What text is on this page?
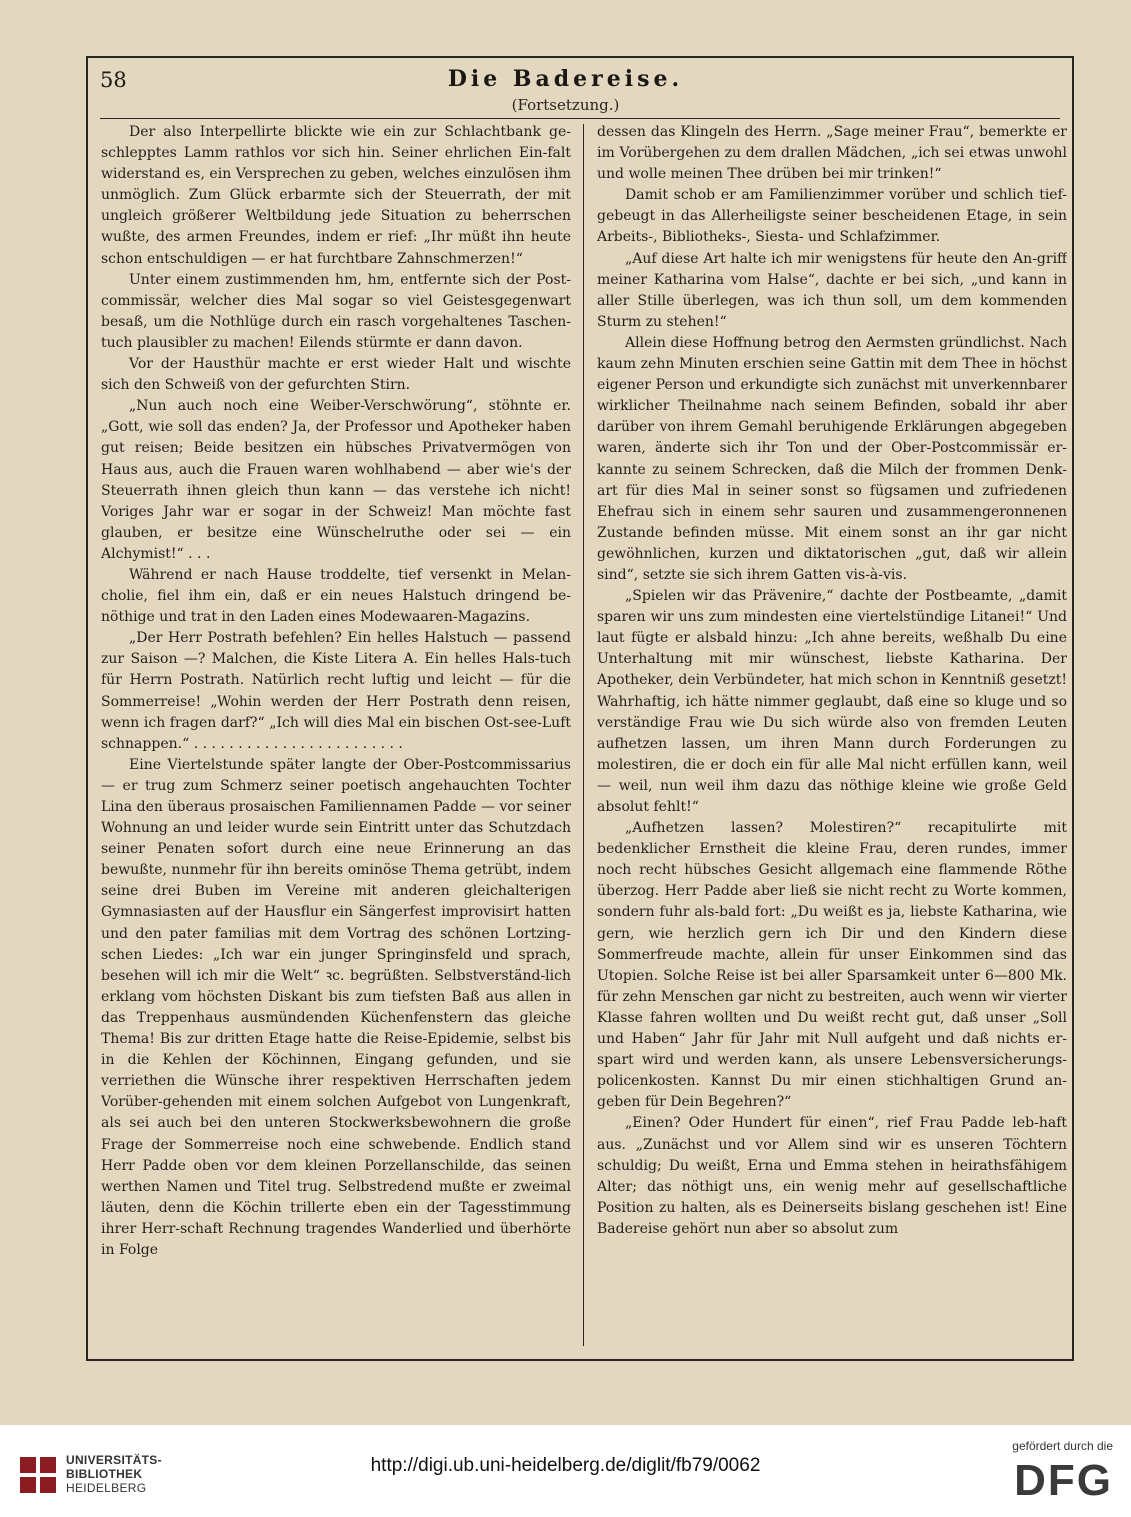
58	Die Badereise.
(Fortsetzung.)

Der also Interpellirte blickte wie ein zur Schlachtbank ge-schlepptes Lamm rathlos vor sich hin. Seiner ehrlichen Ein-falt widerstand es, ein Versprechen zu geben, welches einzulösen ihm unmöglich. Zum Glück erbarmte sich der Steuerrath, der mit ungleich größerer Weltbildung jede Situation zu beherrschen wußte, des armen Freundes, indem er rief: „Ihr müßt ihn heute schon entschuldigen — er hat furchtbare Zahnschmerzen!“

Unter einem zustimmenden hm, hm, entfernte sich der Post-commissär, welcher dies Mal sogar so viel Geistesgegenwart besaß, um die Nothlüge durch ein rasch vorgehaltenes Taschen-tuch plausibler zu machen! Eilends stürmte er dann davon.

Vor der Hausthür machte er erst wieder Halt und wischte sich den Schweiß von der gefurchten Stirn.

„Nun auch noch eine Weiber-Verschwörung“, stöhnte er. „Gott, wie soll das enden? Ja, der Professor und Apotheker haben gut reisen; Beide besitzen ein hübsches Privatvermögen von Haus aus, auch die Frauen waren wohlhabend — aber wie's der Steuerrath ihnen gleich thun kann — das verstehe ich nicht! Voriges Jahr war er sogar in der Schweiz! Man möchte fast glauben, er besitze eine Wünschelruthe oder sei — ein Alchymist!“ . . .

Während er nach Hause troddelte, tief versenkt in Melan-cholie, fiel ihm ein, daß er ein neues Halstuch dringend be-nöthige und trat in den Laden eines Modewaaren-Magazins.

„Der Herr Postrath befehlen? Ein helles Halstuch — passend zur Saison —? Malchen, die Kiste Litera A. Ein helles Hals-tuch für Herrn Postrath. Natürlich recht luftig und leicht — für die Sommerreise! „Wohin werden der Herr Postrath denn reisen, wenn ich fragen darf?“ „Ich will dies Mal ein bischen Ost-see-Luft schnappen.“ . . . . . . . . . . . . . . . . . . . . . . . .

Eine Viertelstunde später langte der Ober-Postcommissarius — er trug zum Schmerz seiner poetisch angehauchten Tochter Lina den überaus prosaischen Familiennamen Padde — vor seiner Wohnung an und leider wurde sein Eintritt unter das Schutzdach seiner Penaten sofort durch eine neue Erinnerung an das bewußte, nunmehr für ihn bereits ominöse Thema getrübt, indem seine drei Buben im Vereine mit anderen gleichalterigen Gymnasiasten auf der Hausflur ein Sängerfest improvisirt hatten und den pater familias mit dem Vortrag des schönen Lortzing-schen Liedes: „Ich war ein junger Springinsfeld und sprach, besehen will ich mir die Welt“ ꝛc. begrüßten. Selbstverständ-lich erklang vom höchsten Diskant bis zum tiefsten Baß aus allen in das Treppenhaus ausmündenden Küchenfenstern das gleiche Thema! Bis zur dritten Etage hatte die Reise-Epidemie, selbst bis in die Kehlen der Köchinnen, Eingang gefunden, und sie verriethen die Wünsche ihrer respektiven Herrschaften jedem Vorüber-gehenden mit einem solchen Aufgebot von Lungenkraft, als sei auch bei den unteren Stockwerksbewohnern die große Frage der Sommerreise noch eine schwebende. Endlich stand Herr Padde oben vor dem kleinen Porzellanschilde, das seinen werthen Namen und Titel trug. Selbstredend mußte er zweimal läuten, denn die Köchin trillerte eben ein der Tagesstimmung ihrer Herr-schaft Rechnung tragendes Wanderlied und überhörte in Folge

dessen das Klingeln des Herrn. „Sage meiner Frau“, bemerkte er im Vorübergehen zu dem drallen Mädchen, „ich sei etwas unwohl und wolle meinen Thee drüben bei mir trinken!“

Damit schob er am Familienzimmer vorüber und schlich tief-gebeugt in das Allerheiligste seiner bescheidenen Etage, in sein Arbeits-, Bibliotheks-, Siesta- und Schlafzimmer.

„Auf diese Art halte ich mir wenigstens für heute den An-griff meiner Katharina vom Halse“, dachte er bei sich, „und kann in aller Stille überlegen, was ich thun soll, um dem kommenden Sturm zu stehen!“

Allein diese Hoffnung betrog den Aermsten gründlichst. Nach kaum zehn Minuten erschien seine Gattin mit dem Thee in höchst eigener Person und erkundigte sich zunächst mit unverkennbarer wirklicher Theilnahme nach seinem Befinden, sobald ihr aber darüber von ihrem Gemahl beruhigende Erklärungen abgegeben waren, änderte sich ihr Ton und der Ober-Postcommissär er-kannte zu seinem Schrecken, daß die Milch der frommen Denk-art für dies Mal in seiner sonst so fügsamen und zufriedenen Ehefrau sich in einem sehr sauren und zusammengeronnenen Zustande befinden müsse. Mit einem sonst an ihr gar nicht gewöhnlichen, kurzen und diktatorischen „gut, daß wir allein sind“, setzte sie sich ihrem Gatten vis-à-vis.

„Spielen wir das Prävenire,“ dachte der Postbeamte, „damit sparen wir uns zum mindesten eine viertelstündige Litanei!“ Und laut fügte er alsbald hinzu: „Ich ahne bereits, weßhalb Du eine Unterhaltung mit mir wünschest, liebste Katharina. Der Apotheker, dein Verbündeter, hat mich schon in Kenntniß gesetzt! Wahrhaftig, ich hätte nimmer geglaubt, daß eine so kluge und so verständige Frau wie Du sich würde also von fremden Leuten aufhetzen lassen, um ihren Mann durch Forderungen zu molestiren, die er doch ein für alle Mal nicht erfüllen kann, weil — weil, nun weil ihm dazu das nöthige kleine wie große Geld absolut fehlt!“

„Aufhetzen lassen? Molestiren?“ recapitulirte mit bedenklicher Ernstheit die kleine Frau, deren rundes, immer noch recht hübsches Gesicht allgemach eine flammende Röthe überzog. Herr Padde aber ließ sie nicht recht zu Worte kommen, sondern fuhr als-bald fort: „Du weißt es ja, liebste Katharina, wie gern, wie herzlich gern ich Dir und den Kindern diese Sommerfreude machte, allein für unser Einkommen sind das Utopien. Solche Reise ist bei aller Sparsamkeit unter 6—800 Mk. für zehn Menschen gar nicht zu bestreiten, auch wenn wir vierter Klasse fahren wollten und Du weißt recht gut, daß unser „Soll und Haben“ Jahr für Jahr mit Null aufgeht und daß nichts er-spart wird und werden kann, als unsere Lebensversicherungs-policenkosten. Kannst Du mir einen stichhaltigen Grund an-geben für Dein Begehren?“

„Einen? Oder Hundert für einen“, rief Frau Padde leb-haft aus. „Zunächst und vor Allem sind wir es unseren Töchtern schuldig; Du weißt, Erna und Emma stehen in heirathsfähigem Alter; das nöthigt uns, ein wenig mehr auf gesellschaftliche Position zu halten, als es Deinerseits bislang geschehen ist! Eine Badereise gehört nun aber so absolut zum

UNIVERSITÄTS-
BIBLIOTHEK
HEIDELBERG
http://digi.ub.uni-heidelberg.de/diglit/fb79/0062
gefördert durch die
DFG
